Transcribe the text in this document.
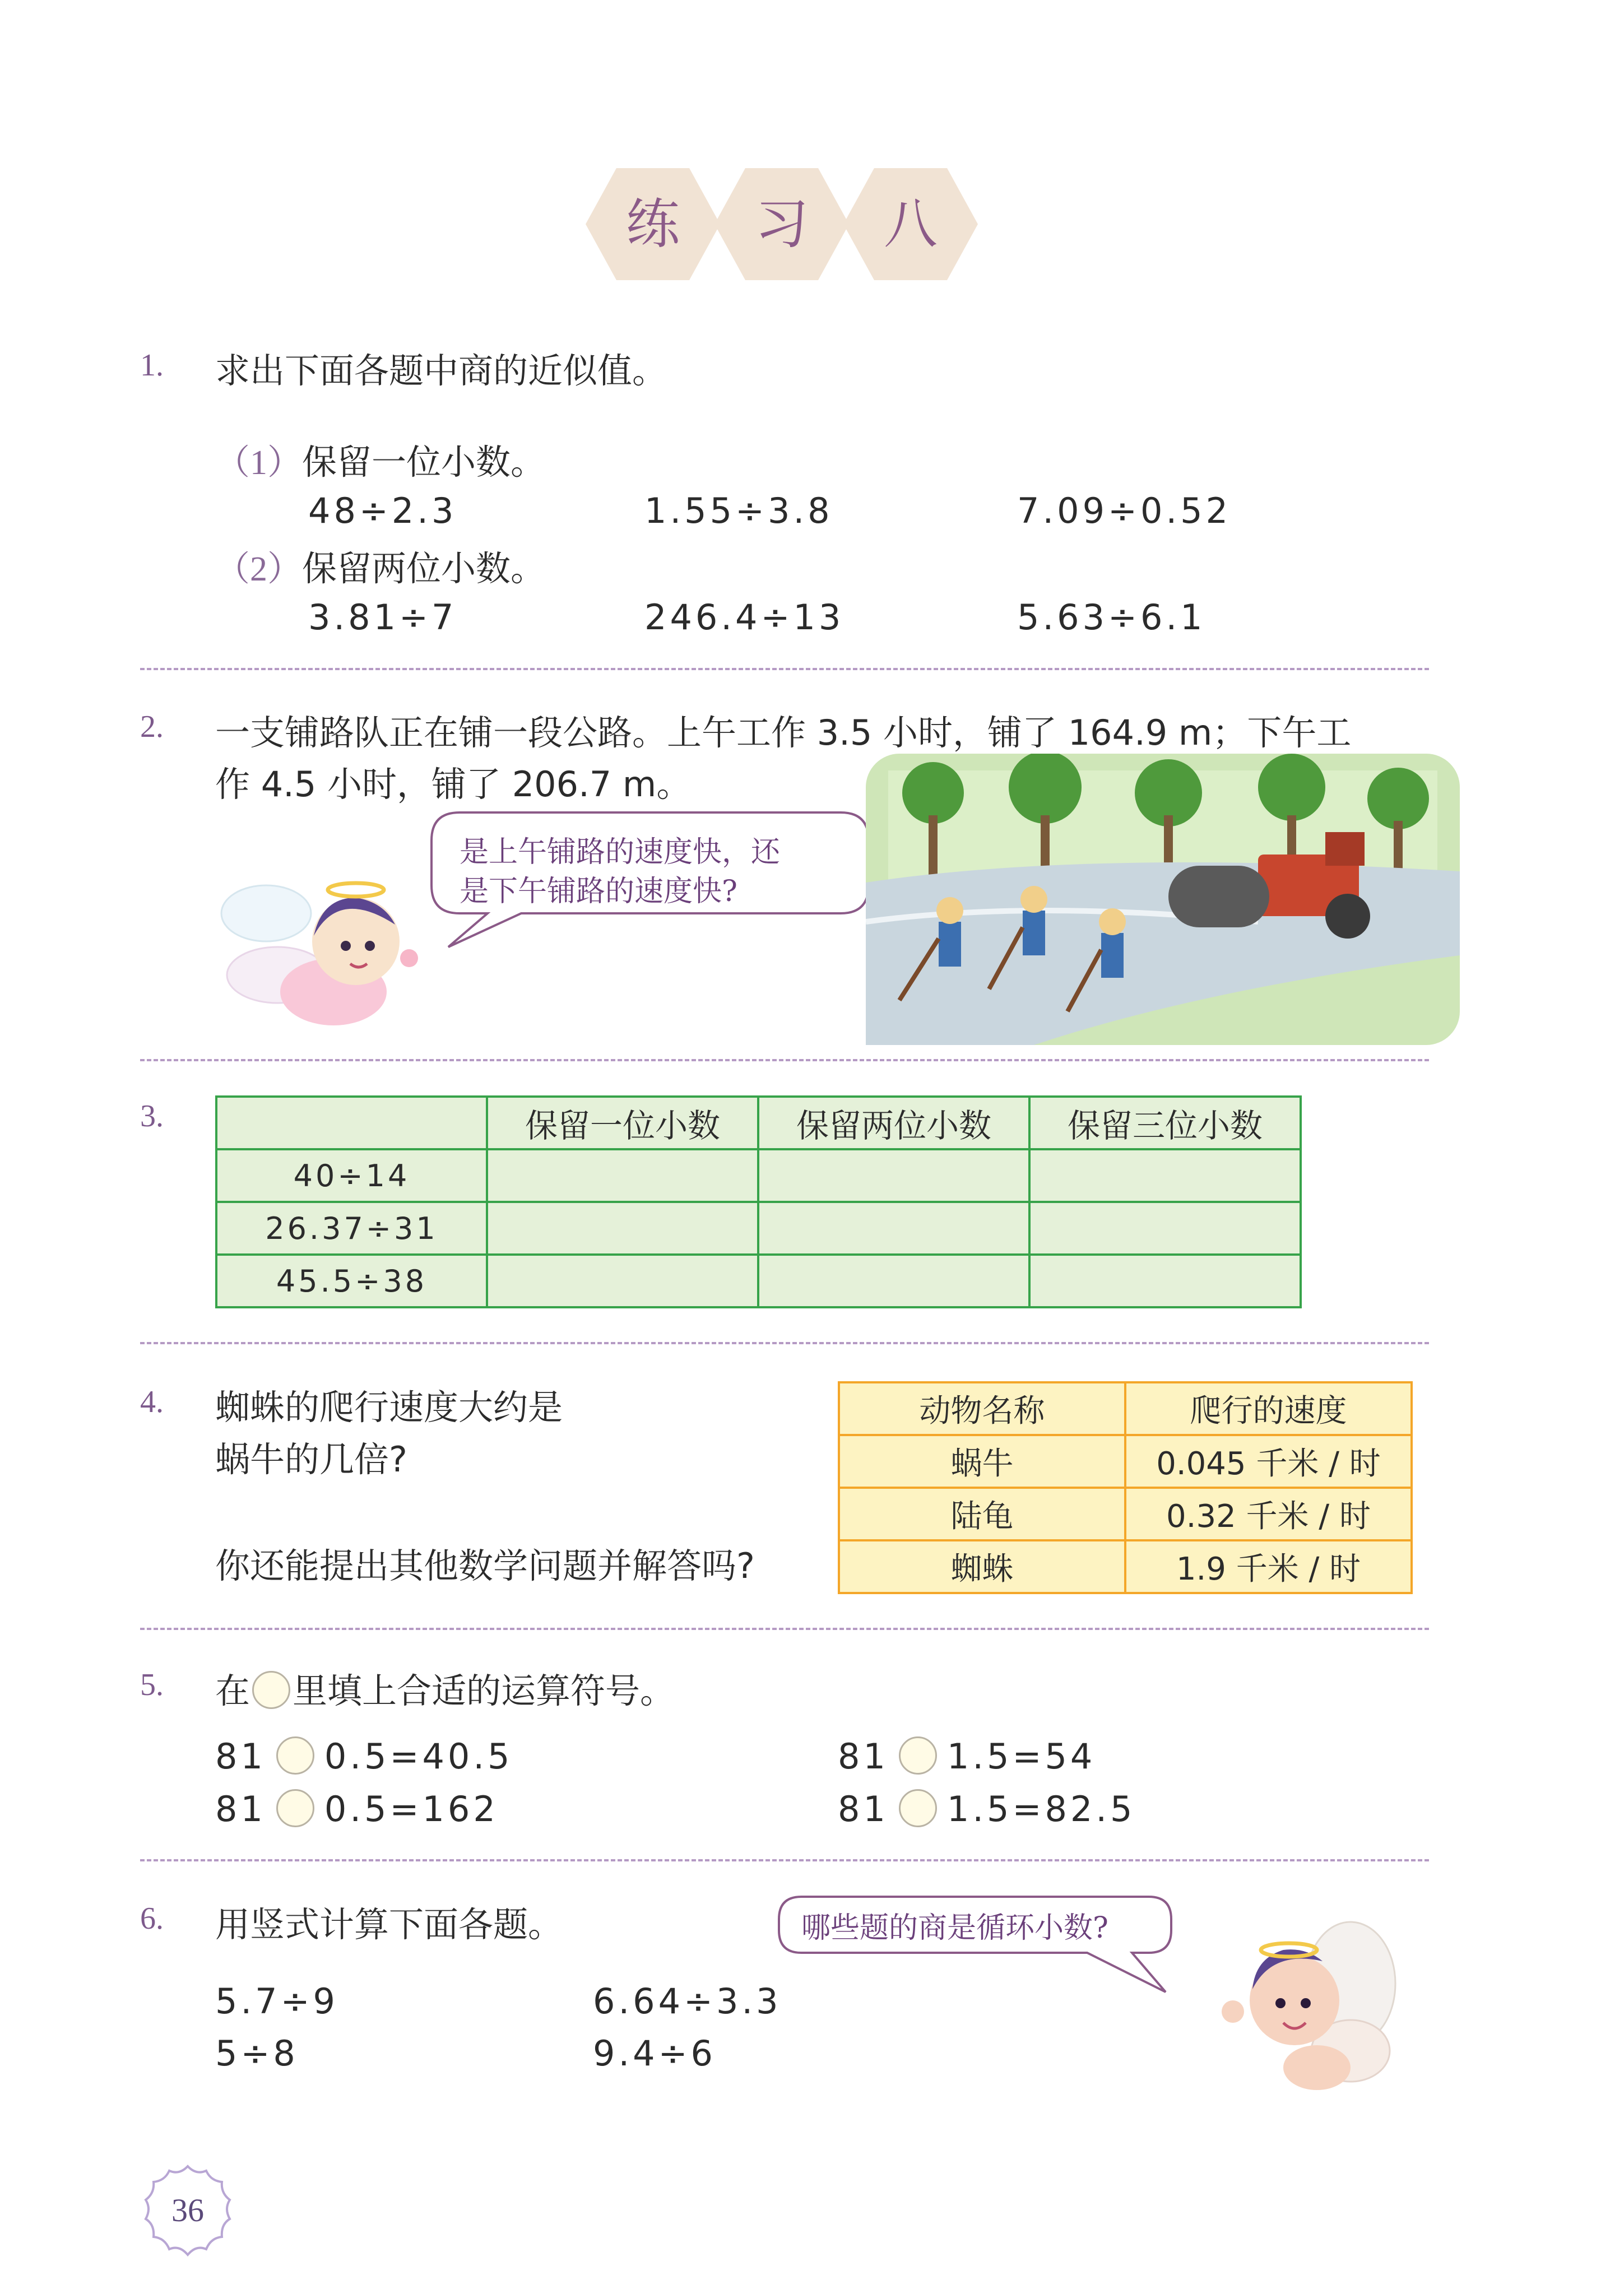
练	习	八
1. 求出下面各题中商的近似值。
（1）保留一位小数。
48÷2.3	1.55÷3.8	7.09÷0.52
（2）保留两位小数。
3.81÷7	246.4÷13	5.63÷6.1
2. 一支铺路队正在铺一段公路。上午工作 3.5 小时，铺了 164.9 m；下午工
作 4.5 小时，铺了 206.7 m。
是上午铺路的速度快，还
是下午铺路的速度快?
3.
		保留一位小数	保留两位小数	保留三位小数
40÷14			
26.37÷31			
45.5÷38			
4. 蜘蛛的爬行速度大约是
蜗牛的几倍?
你还能提出其他数学问题并解答吗?
动物名称	爬行的速度
蜗牛	0.045 千米 / 时
陆龟	0.32 千米 / 时
蜘蛛	1.9 千米 / 时
5. 在 里填上合适的运算符号。
81 0.5=40.5	81 1.5=54
81 0.5=162	81 1.5=82.5
6. 用竖式计算下面各题。	哪些题的商是循环小数?
5.7÷9	6.64÷3.3
5÷8	9.4÷6
36
